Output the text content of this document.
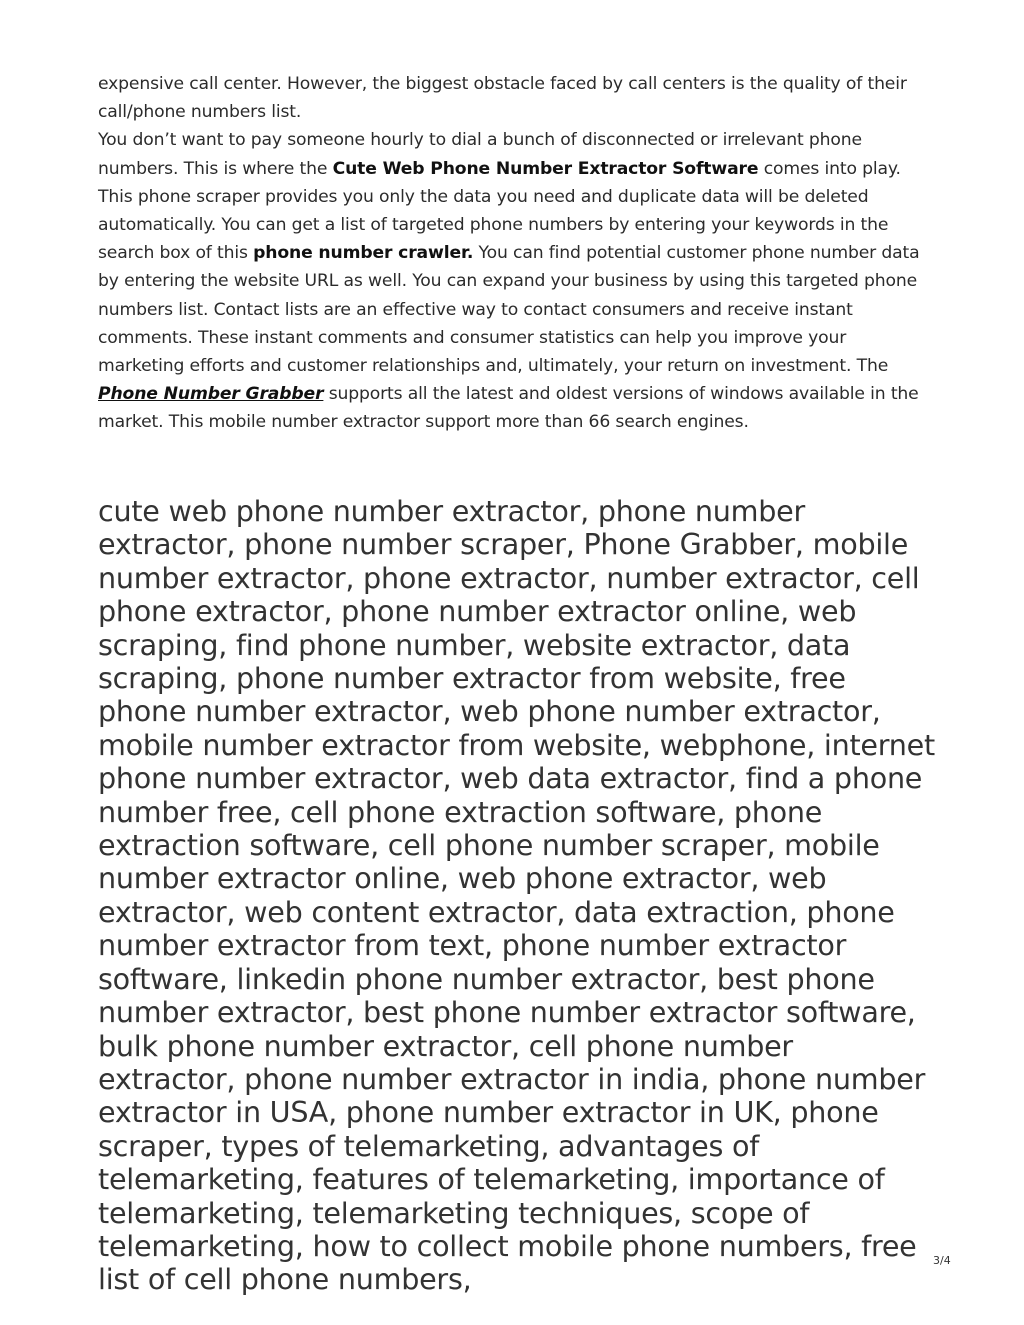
expensive call center. However, the biggest obstacle faced by call centers is the quality of their call/phone numbers list.

You don’t want to pay someone hourly to dial a bunch of disconnected or irrelevant phone numbers. This is where the Cute Web Phone Number Extractor Software comes into play. This phone scraper provides you only the data you need and duplicate data will be deleted automatically. You can get a list of targeted phone numbers by entering your keywords in the search box of this phone number crawler. You can find potential customer phone number data by entering the website URL as well. You can expand your business by using this targeted phone numbers list. Contact lists are an effective way to contact consumers and receive instant comments. These instant comments and consumer statistics can help you improve your marketing efforts and customer relationships and, ultimately, your return on investment. The Phone Number Grabber supports all the latest and oldest versions of windows available in the market. This mobile number extractor support more than 66 search engines.

cute web phone number extractor, phone number extractor, phone number scraper, Phone Grabber, mobile number extractor, phone extractor, number extractor, cell phone extractor, phone number extractor online, web scraping, find phone number, website extractor, data scraping, phone number extractor from website, free phone number extractor, web phone number extractor, mobile number extractor from website, webphone, internet phone number extractor, web data extractor, find a phone number free, cell phone extraction software, phone extraction software, cell phone number scraper, mobile number extractor online, web phone extractor, web extractor, web content extractor, data extraction, phone number extractor from text, phone number extractor software, linkedin phone number extractor, best phone number extractor, best phone number extractor software, bulk phone number extractor, cell phone number extractor, phone number extractor in india, phone number extractor in USA, phone number extractor in UK, phone scraper, types of telemarketing, advantages of telemarketing, features of telemarketing, importance of telemarketing, telemarketing techniques, scope of telemarketing, how to collect mobile phone numbers, free list of cell phone numbers,

3/4
